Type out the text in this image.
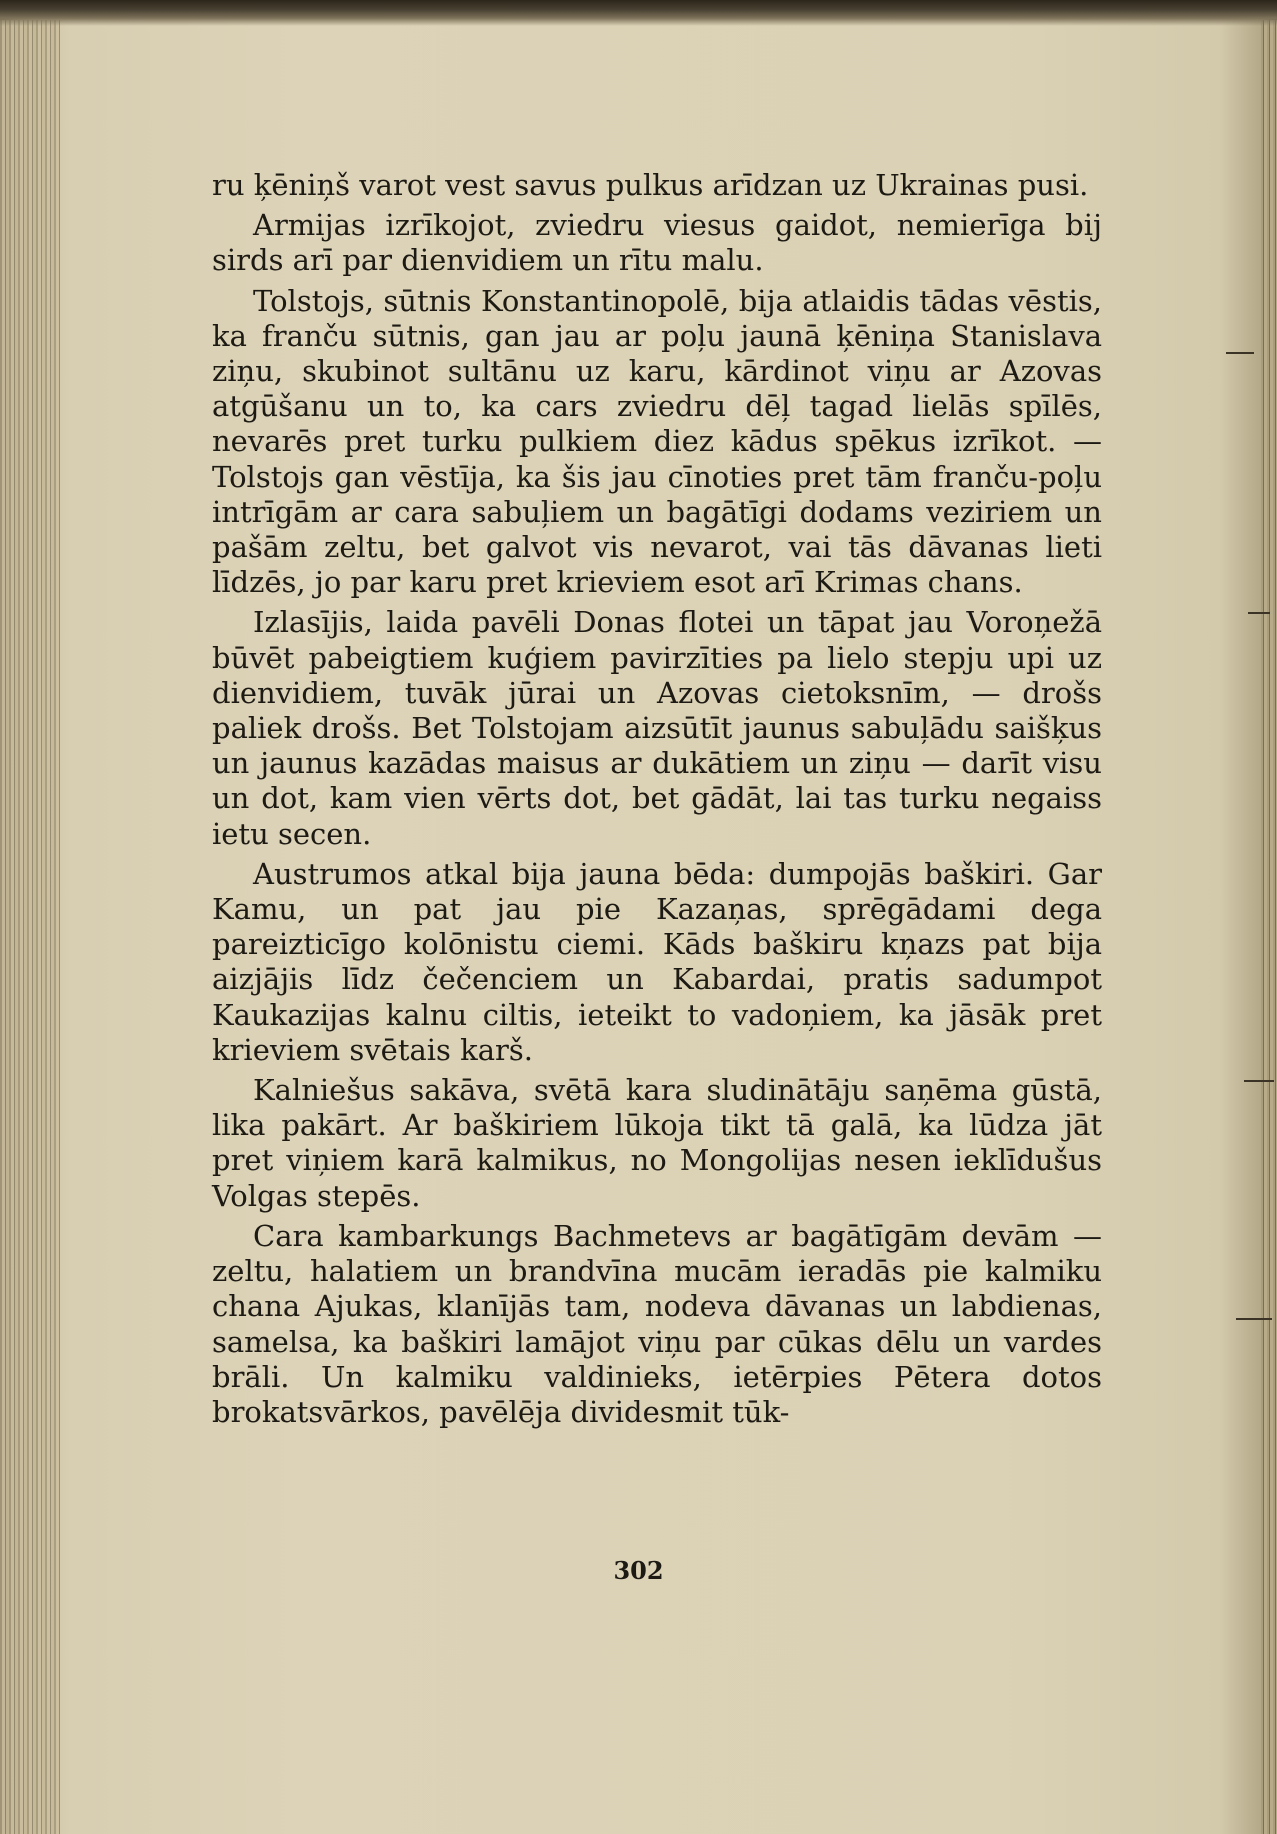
ru ķēniņš varot vest savus pulkus arīdzan uz Ukrainas pusi.

Armijas izrīkojot, zviedru viesus gaidot, nemierīga bij sirds arī par dienvidiem un rītu malu.

Tolstojs, sūtnis Konstantinopolē, bija atlaidis tādas vēstis, ka franču sūtnis, gan jau ar poļu jaunā ķēniņa Stanislava ziņu, skubinot sultānu uz karu, kārdinot viņu ar Azovas atgūšanu un to, ka cars zviedru dēļ tagad lielās spīlēs, nevarēs pret turku pulkiem diez kādus spēkus izrīkot. — Tolstojs gan vēstīja, ka šis jau cīnoties pret tām franču-poļu intrīgām ar cara sabuļiem un bagātīgi dodams veziriem un pašām zeltu, bet galvot vis nevarot, vai tās dāvanas lieti līdzēs, jo par karu pret krieviem esot arī Krimas chans.

Izlasījis, laida pavēli Donas flotei un tāpat jau Voroņežā būvēt pabeigtiem kuģiem pavirzīties pa lielo stepju upi uz dienvidiem, tuvāk jūrai un Azovas cietoksnīm, — drošs paliek drošs. Bet Tolstojam aizsūtīt jaunus sabuļādu saišķus un jaunus kazādas maisus ar dukātiem un ziņu — darīt visu un dot, kam vien vērts dot, bet gādāt, lai tas turku negaiss ietu secen.

Austrumos atkal bija jauna bēda: dumpojās baškiri. Gar Kamu, un pat jau pie Kazaņas, sprēgādami dega pareizticīgo kolōnistu ciemi. Kāds baškiru kņazs pat bija aizjājis līdz čečenciem un Kabardai, pratis sadumpot Kaukazijas kalnu ciltis, ieteikt to vadoņiem, ka jāsāk pret krieviem svētais karš.

Kalniešus sakāva, svētā kara sludinātāju saņēma gūstā, lika pakārt. Ar baškiriem lūkoja tikt tā galā, ka lūdza jāt pret viņiem karā kalmikus, no Mongolijas nesen ieklīdušus Volgas stepēs.

Cara kambarkungs Bachmetevs ar bagātīgām devām — zeltu, halatiem un brandvīna mucām ieradās pie kalmiku chana Ajukas, klanījās tam, nodeva dāvanas un labdienas, samelsa, ka baškiri lamājot viņu par cūkas dēlu un vardes brāli. Un kalmiku valdinieks, ietērpies Pētera dotos brokatsvārkos, pavēlēja dividesmit tūk-

302
